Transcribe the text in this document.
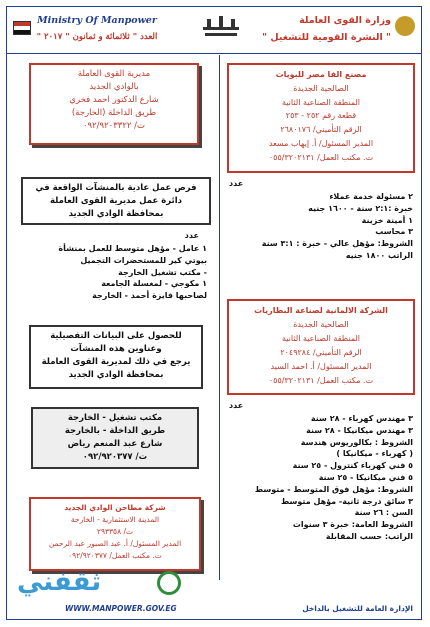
Ministry Of Manpower
العدد " ثلاثمائة و ثمانون " ٢٠١٧ "
وزارة القوى العاملة
" النشرة القومية للتشغيل "
مديرية القوى العاملة
بالوادي الجديد
شارع الدكتور احمد فخري
طريق الداخلة (الخارجة)
ت/ ٠٩٢/٩٢٠٣٣٢٢
فرص عمل عادية بالمنشآت الواقعة في
دائرة عمل مديرية القوى العاملة
بمحافظة الوادي الجديد
عدد
١ عامل - مؤهل متوسط للعمل بمنشأة
بيوتي كير للمستحضرات التجميل
- مكتب تشغيل الخارجة
١ مكوجي - لمغسلة الجامعة
لصاحبها فايزة أحمد - الخارجة
للحصول على البيانات التفصيلية
وعناوين هذه المنشآت
يرجع في ذلك لمديرية القوى العاملة
بمحافظة الوادي الجديد
مكتب تشغيل - الخارجة
طريق الداخلة - بالخارجة
شارع عبد المنعم رياض
ت/ ٠٩٢/٩٢٠٣٧٧
شركة مطاحن الوادي الجديد
المدينة الاستثمارية - الخارجة
ت/ ٢٩٣٣٥٨
المدير المسئول/ أ. عبد الصبور عبد الرحمن
ت. مكتب العمل/ ٠٩٢/٩٢٠٣٧٧
مصنع الفا مصر للبويات
الصالحية الجديدة
المنطقة الصناعية الثانية
قطعة رقم ٢٥٢ - ٢٥٣
الرقم التأميني/ ٢٦٨٠١٧٦
المدير المسئول/ أ. إيهاب مسعد
ت. مكتب العمل/ ٠٥٥/٣٢٠٢١٣١
عدد
٢ مسئولة خدمة عملاء
خبرة :٢:١ سنة - ١٦٠٠ جنيه
١ أمينة خزينة
٣ محاسب
الشروط: مؤهل عالي - خبرة : ٣:١ سنة
الراتب ١٨٠٠ جنيه
الشركة الالمانية لصناعة البطاريات
الصالحية الجديدة
المنطقة الصناعية الثانية
الرقم التأميني/ ٢٠٤٩٢٨٤
المدير المسئول/ أ. احمد السيد
ت. مكتب العمل/ ٠٥٥/٣٢٠٢١٣١
عدد
٣ مهندس كهرباء - ٢٨ سنة
٣ مهندس ميكانيكا - ٢٨ سنة
الشروط : بكالوريوس هندسة
( كهرباء - ميكانيكا )
٥ فني كهرباء كنترول - ٢٥ سنة
٥ فني ميكانيكا - ٢٥ سنة
الشروط: مؤهل فوق المتوسط - متوسط
٣ سائق درجة ثانية- مؤهل متوسط
السن : ٢٦ سنة
الشروط العامة: خبرة ٣ سنوات
الراتب: حسب المقابلة
ثقفني
WWW.MANPOWER.GOV.EG	الإدارة العامة للتشغيل بالداخل
